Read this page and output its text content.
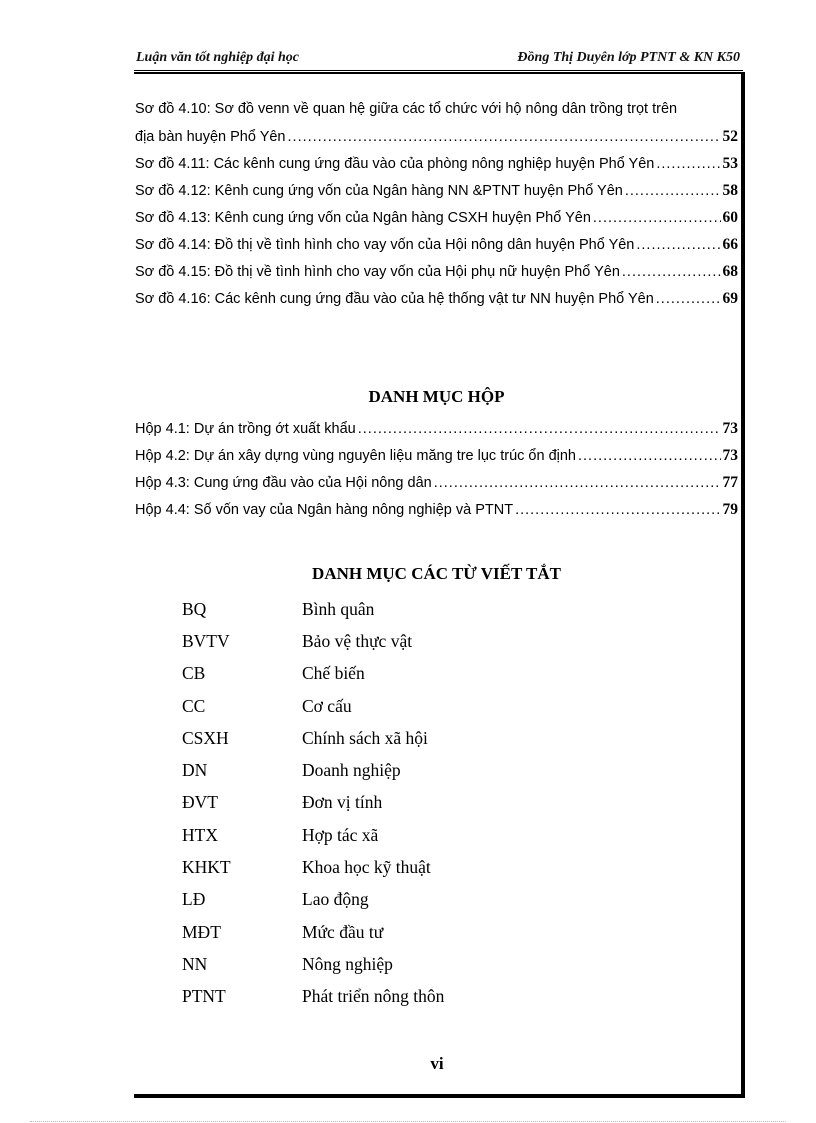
Luận văn tốt nghiệp đại học	Đồng Thị Duyên lớp PTNT & KN K50
Sơ đồ 4.10: Sơ đồ venn về quan hệ giữa các tổ chức với hộ nông dân trồng trọt trên
địa bàn huyện Phổ Yên .....	52
Sơ đồ 4.11: Các kênh cung ứng đầu vào của phòng nông nghiệp huyện Phổ Yên .....	53
Sơ đồ 4.12: Kênh cung ứng vốn của Ngân hàng NN &PTNT huyện Phổ Yên .....	58
Sơ đồ 4.13: Kênh cung ứng vốn của Ngân hàng CSXH huyện Phổ Yên .....	60
Sơ đồ 4.14: Đồ thị về tình hình cho vay vốn của Hội nông dân huyện Phổ Yên .....	66
Sơ đồ 4.15: Đồ thị về tình hình cho vay vốn của Hội phụ nữ huyện Phổ Yên .....	68
Sơ đồ 4.16: Các kênh cung ứng đầu vào của hệ thống vật tư NN huyện Phổ Yên .....	69
DANH MỤC HỘP
Hộp 4.1: Dự án trồng ớt xuất khẩu .....	73
Hộp 4.2: Dự án xây dựng vùng nguyên liệu măng tre lục trúc ổn định .....	73
Hộp 4.3: Cung ứng đầu vào của Hội nông dân .....	77
Hộp 4.4: Số vốn vay của Ngân hàng nông nghiệp và PTNT .....	79
DANH MỤC CÁC TỪ VIẾT TẮT
BQ	Bình quân
BVTV	Bảo vệ thực vật
CB	Chế biến
CC	Cơ cấu
CSXH	Chính sách xã hội
DN	Doanh nghiệp
ĐVT	Đơn vị tính
HTX	Hợp tác xã
KHKT	Khoa học kỹ thuật
LĐ	Lao động
MĐT	Mức đầu tư
NN	Nông nghiệp
PTNT	Phát triển nông thôn
vi
